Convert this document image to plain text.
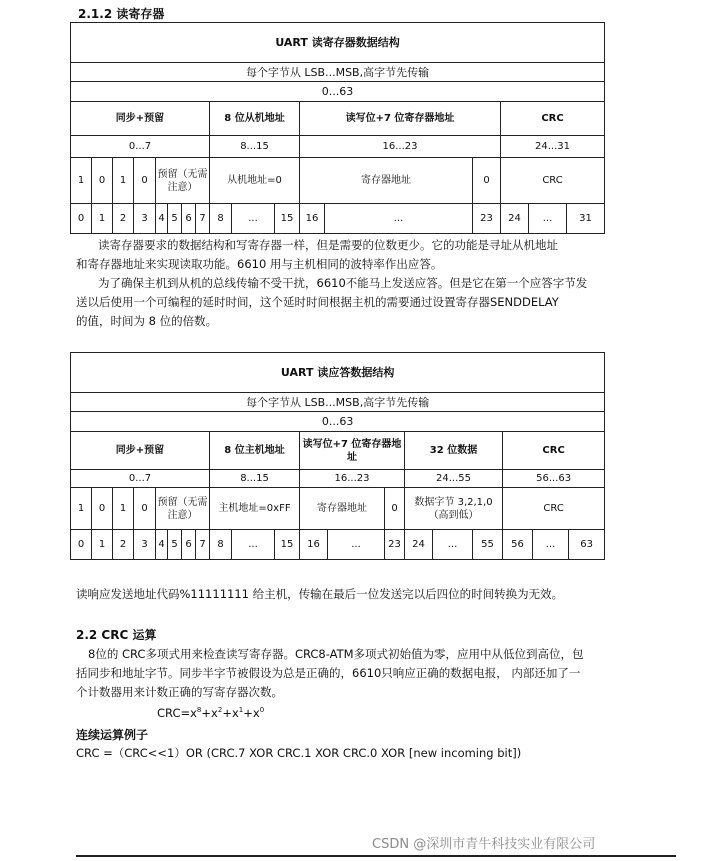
2.1.2 读寄存器
UART 读寄存器数据结构																
每个字节从 LSB...MSB,高字节先传输																
0...63																
同步+预留								8 位从机地址			读写位+7 位寄存器地址			CRC		
0...7								8...15			16...23			24...31		
1	0	1	0	预留（无需注意）				从机地址=0			寄存器地址		0	CRC		
0	1	2	3	4	5	6	7	8	...	15	16	...	23	24	...	31
读寄存器要求的数据结构和写寄存器一样，但是需要的位数更少。它的功能是寻址从机地址
和寄存器地址来实现读取功能。6610 用与主机相同的波特率作出应答。
为了确保主机到从机的总线传输不受干扰，6610不能马上发送应答。但是它在第一个应答字节发
送以后使用一个可编程的延时时间，这个延时时间根据主机的需要通过设置寄存器SENDDELAY
的值，时间为 8 位的倍数。
UART 读应答数据结构																			
每个字节从 LSB...MSB,高字节先传输																			
0...63																			
同步+预留								8 位主机地址			读写位+7 位寄存器地址			32 位数据			CRC		
0...7								8...15			16...23			24...55			56...63		
1	0	1	0	预留（无需注意）				主机地址=0xFF			寄存器地址		0	数据字节 3,2,1,0（高到低）			CRC		
0	1	2	3	4	5	6	7	8	...	15	16	...	23	24	...	55	56	...	63
读响应发送地址代码%11111111 给主机，传输在最后一位发送完以后四位的时间转换为无效。
2.2 CRC 运算
8位的 CRC多项式用来检查读写寄存器。CRC8-ATM多项式初始值为零，应用中从低位到高位，包
括同步和地址字节。同步半字节被假设为总是正确的，6610只响应正确的数据电报， 内部还加了一
个计数器用来计数正确的写寄存器次数。
$CRC=x^8+x^2+x^1+x^0$
连续运算例子
CRC =（CRC<<1）OR (CRC.7 XOR CRC.1 XOR CRC.0 XOR [new incoming bit])
CSDN @深圳市青牛科技实业有限公司
